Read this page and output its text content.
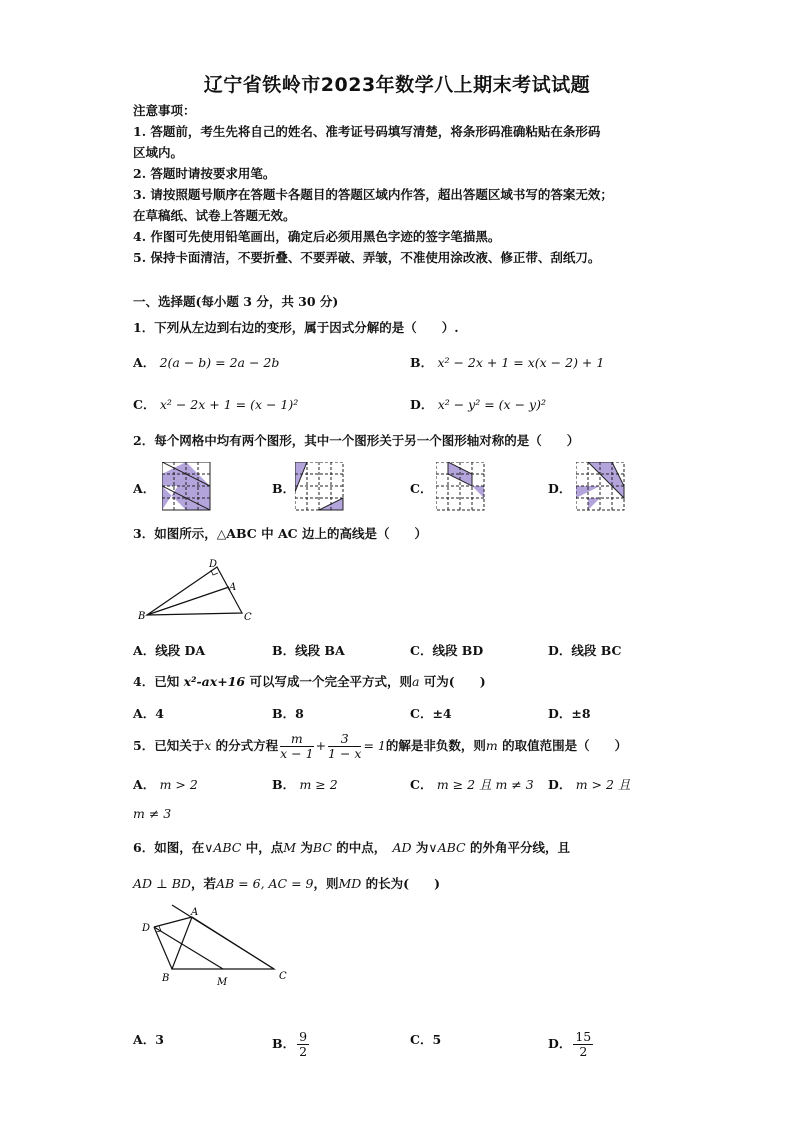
辽宁省铁岭市2023年数学八上期末考试试题
注意事项：
1. 答题前，考生先将自己的姓名、准考证号码填写清楚，将条形码准确粘贴在条形码
区域内。
2. 答题时请按要求用笔。
3. 请按照题号顺序在答题卡各题目的答题区域内作答，超出答题区域书写的答案无效；
在草稿纸、试卷上答题无效。
4. 作图可先使用铅笔画出，确定后必须用黑色字迹的签字笔描黑。
5. 保持卡面清洁，不要折叠、不要弄破、弄皱，不准使用涂改液、修正带、刮纸刀。
一、选择题(每小题 3 分，共 30 分)
1．下列从左边到右边的变形，属于因式分解的是（　　）.
A． 2(a − b) = 2a − 2b	B． x² − 2x + 1 = x(x − 2) + 1
C． x² − 2x + 1 = (x − 1)²	D． x² − y² = (x − y)²
2．每个网格中均有两个图形，其中一个图形关于另一个图形轴对称的是（　　）
A．	B．	C．	D．
3．如图所示，△ABC 中 AC 边上的高线是（　　）
D
A
B	C
A．线段 DA	B．线段 BA	C．线段 BD	D．线段 BC
4．已知 x²-ax+16 可以写成一个完全平方式，则a 可为(　　)
A．4	B．8	C．±4	D．±8
5．已知关于x 的分式方程 $\frac{m}{x - 1} + \frac{3}{1 - x} = 1$的解是非负数，则m 的取值范围是（　　）
A． m > 2	B． m ≥ 2	C． m ≥ 2 且 m ≠ 3 D． m > 2 且
m ≠ 3
6．如图，在∨ABC 中，点M 为BC 的中点，　AD 为∨ABC 的外角平分线，且
AD ⊥ BD，若AB = 6, AC = 9，则MD 的长为(　　)
D
A
B	M
C
A．3	B． $\frac{9}{2}$	C．5	D． $\frac{15}{2}$
